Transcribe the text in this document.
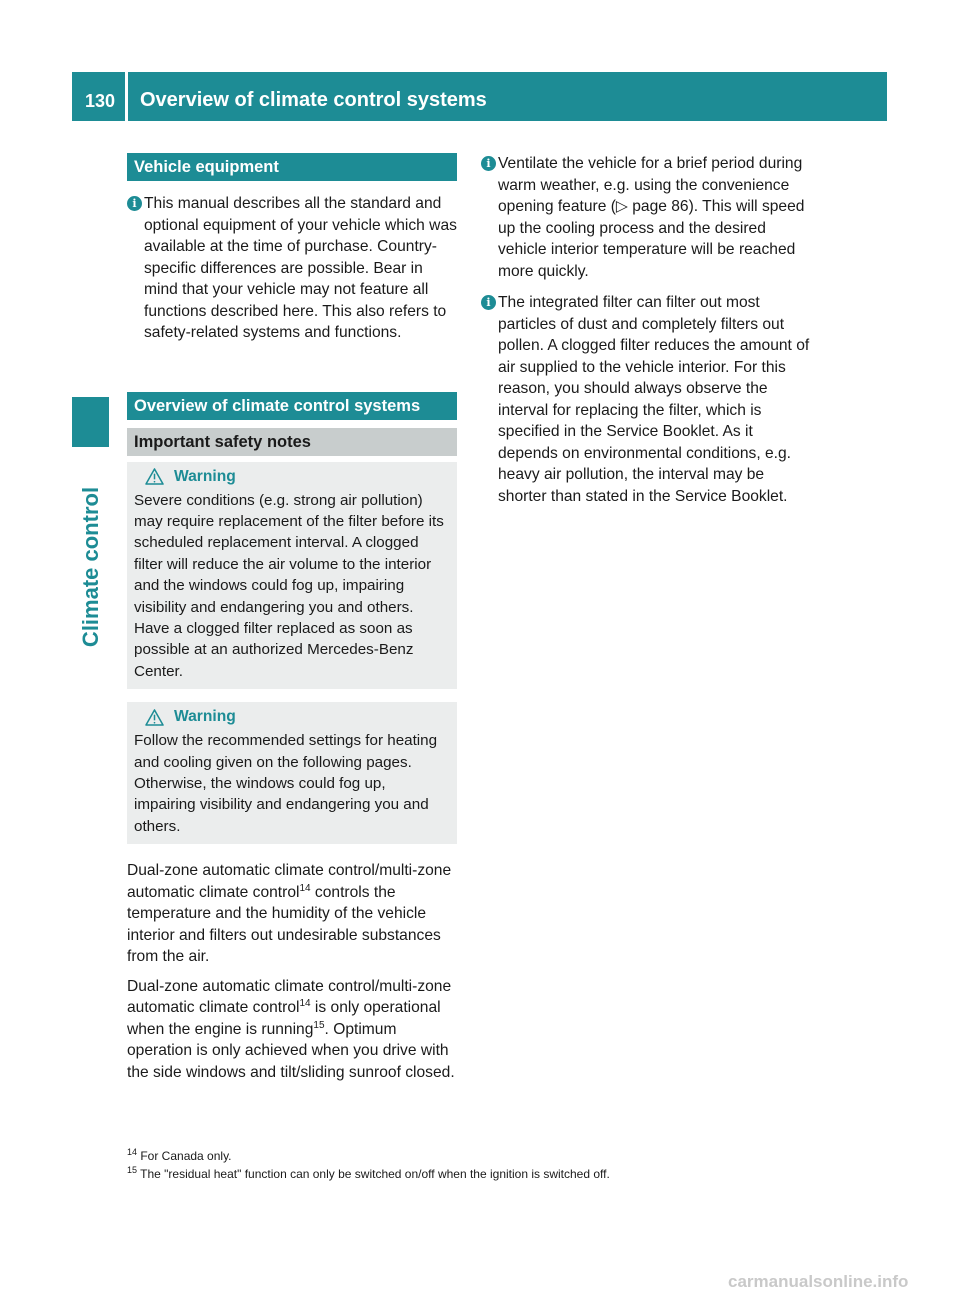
130 Overview of climate control systems
Climate control
Vehicle equipment

i This manual describes all the standard and optional equipment of your vehicle which was available at the time of purchase. Country-specific differences are possible. Bear in mind that your vehicle may not feature all functions described here. This also refers to safety-related systems and functions.

Overview of climate control systems
Important safety notes
Warning
Severe conditions (e.g. strong air pollution) may require replacement of the filter before its scheduled replacement interval. A clogged filter will reduce the air volume to the interior and the windows could fog up, impairing visibility and endangering you and others. Have a clogged filter replaced as soon as possible at an authorized Mercedes-Benz Center.
Warning
Follow the recommended settings for heating and cooling given on the following pages. Otherwise, the windows could fog up, impairing visibility and endangering you and others.

Dual-zone automatic climate control/multi-zone automatic climate control$^{14}$ controls the temperature and the humidity of the vehicle interior and filters out undesirable substances from the air.

Dual-zone automatic climate control/multi-zone automatic climate control$^{14}$ is only operational when the engine is running$^{15}$. Optimum operation is only achieved when you drive with the side windows and tilt/sliding sunroof closed.

i Ventilate the vehicle for a brief period during warm weather, e.g. using the convenience opening feature (▷ page 86). This will speed up the cooling process and the desired vehicle interior temperature will be reached more quickly.

i The integrated filter can filter out most particles of dust and completely filters out pollen. A clogged filter reduces the amount of air supplied to the vehicle interior. For this reason, you should always observe the interval for replacing the filter, which is specified in the Service Booklet. As it depends on environmental conditions, e.g. heavy air pollution, the interval may be shorter than stated in the Service Booklet.

$^{14}$ For Canada only.
$^{15}$ The "residual heat" function can only be switched on/off when the ignition is switched off.
carmanualsonline.info
